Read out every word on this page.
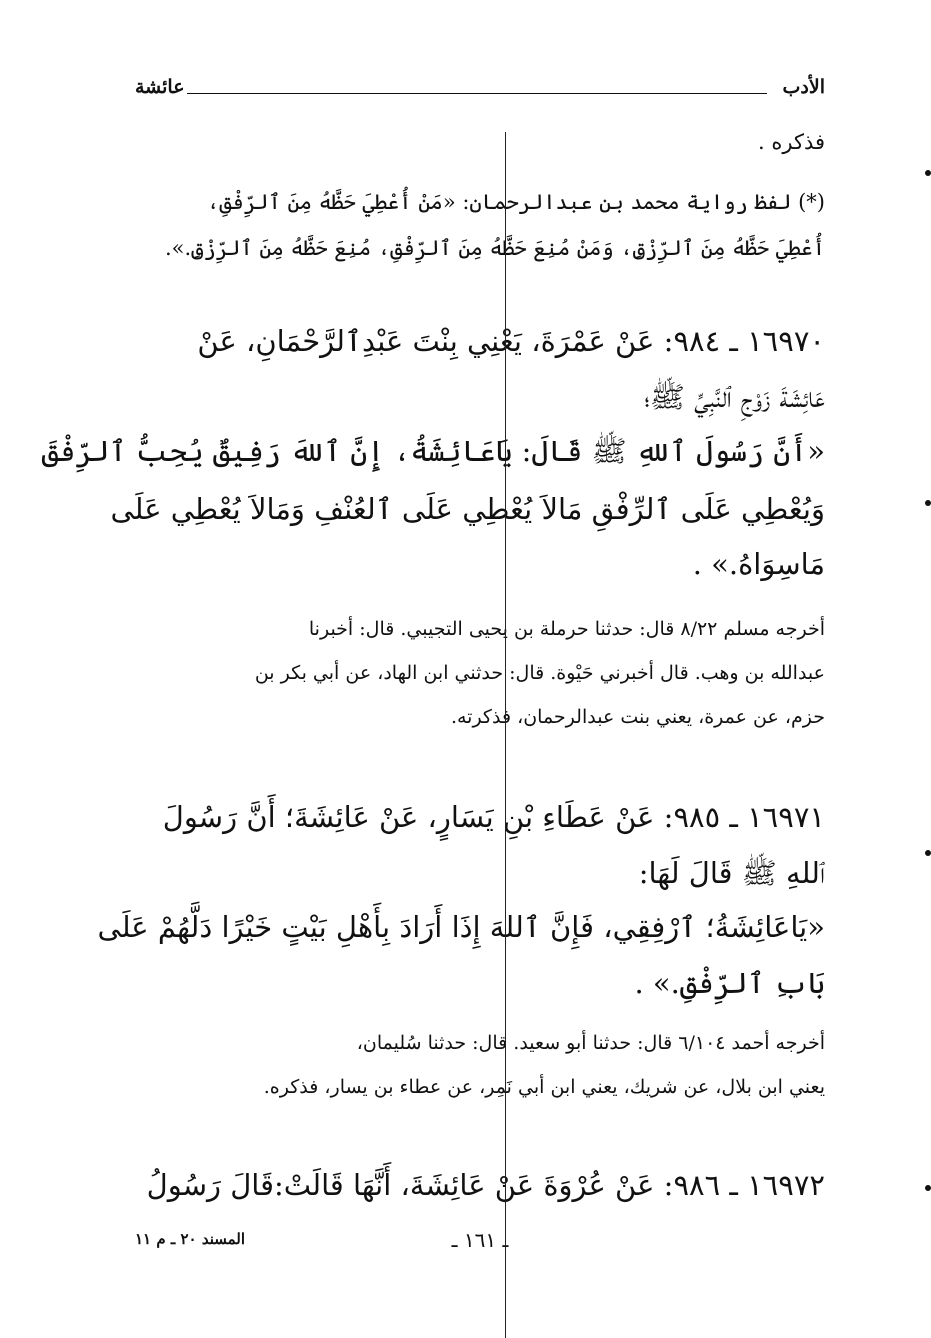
الأدب
عائشة
فذكره .
(*) لفظ رواية محمد بن عبدالرحمان: «مَنْ أُعْطِيَ حَظَّهُ مِنَ ٱلرِّفْقِ،
أُعْطِيَ حَظَّهُ مِنَ ٱلرِّزْقِ، وَمَنْ مُنِعَ حَظَّهُ مِنَ ٱلرِّفْقِ، مُنِعَ حَظَّهُ مِنَ ٱلرِّزْقِ.».
١٦٩٧٠ ـ ٩٨٤: عَنْ عَمْرَةَ، يَعْنِي بِنْتَ عَبْدِٱلرَّحْمَانِ، عَنْ
عَائِشَةَ زَوْجِ ٱلنَّبِيِّ ﷺ؛
«أَنَّ رَسُولَ ٱللهِ ﷺ قَالَ: يَاعَائِشَةُ، إِنَّ ٱللهَ رَفِيقٌ يُحِبُّ ٱلرِّفْقَ
وَيُعْطِي عَلَى ٱلرِّفْقِ مَالاَ يُعْطِي عَلَى ٱلعُنْفِ وَمَالاَ يُعْطِي عَلَى
مَاسِوَاهُ.» .
أخرجه مسلم ٨/٢٢ قال: حدثنا حرملة بن يحيى التجيبي. قال: أخبرنا
عبدالله بن وهب. قال أخبرني حَيْوة. قال: حدثني ابن الهاد، عن أبي بكر بن
حزم، عن عمرة، يعني بنت عبدالرحمان، فذكرته.
١٦٩٧١ ـ ٩٨٥: عَنْ عَطَاءِ بْنِ يَسَارٍ، عَنْ عَائِشَةَ؛ أَنَّ رَسُولَ
ٱللهِ ﷺ قَالَ لَهَا:
«يَاعَائِشَةُ؛ ٱرْفِقِي، فَإِنَّ ٱللهَ إِذَا أَرَادَ بِأَهْلِ بَيْتٍ خَيْرًا دَلَّهُمْ عَلَى
بَابِ ٱلرِّفْقِ.» .
أخرجه أحمد ٦/١٠٤ قال: حدثنا أبو سعيد. قال: حدثنا سُليمان،
يعني ابن بلال، عن شريك، يعني ابن أبي نَمِر، عن عطاء بن يسار، فذكره.
١٦٩٧٢ ـ ٩٨٦: عَنْ عُرْوَةَ عَنْ عَائِشَةَ، أَنَّهَا قَالَتْ:قَالَ رَسُولُ
ـ ١٦١ ـ
المسند ٢٠ ـ م ١١
